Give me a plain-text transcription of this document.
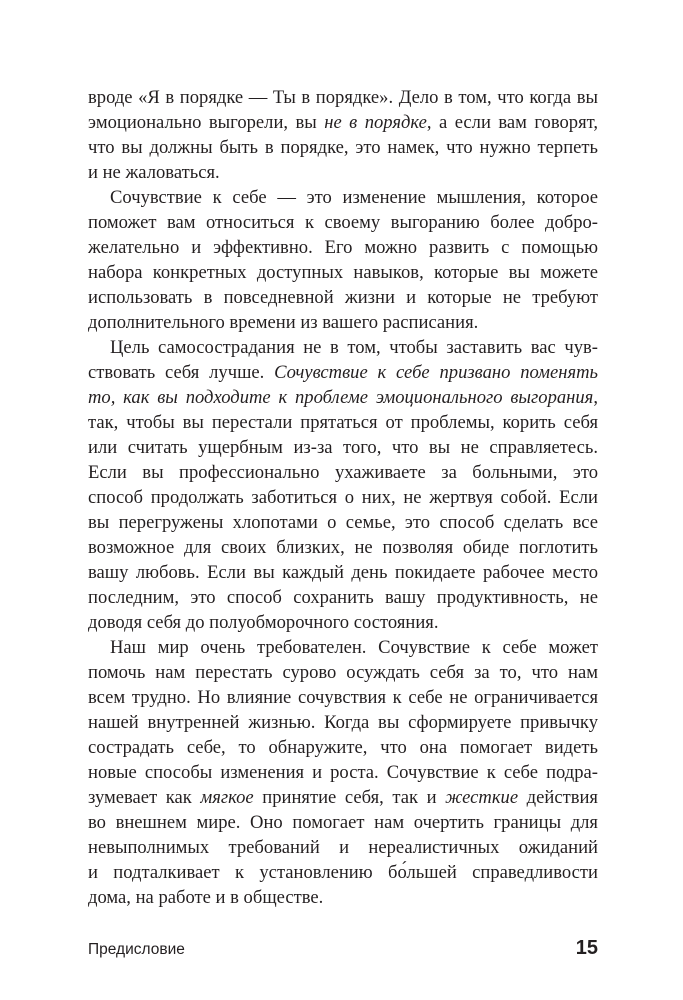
вроде «Я в порядке — Ты в порядке». Дело в том, что когда вы
эмоционально выгорели, вы не в порядке, а если вам говорят,
что вы должны быть в порядке, это намек, что нужно терпеть
и не жаловаться.
Сочувствие к себе — это изменение мышления, которое
поможет вам относиться к своему выгоранию более добро-
желательно и эффективно. Его можно развить с помощью
набора конкретных доступных навыков, которые вы можете
использовать в повседневной жизни и которые не требуют
дополнительного времени из вашего расписания.
Цель самосострадания не в том, чтобы заставить вас чув-
ствовать себя лучше. Сочувствие к себе призвано поменять
то, как вы подходите к проблеме эмоционального выгорания,
так, чтобы вы перестали прятаться от проблемы, корить себя
или считать ущербным из-за того, что вы не справляетесь.
Если вы профессионально ухаживаете за больными, это
способ продолжать заботиться о них, не жертвуя собой. Если
вы перегружены хлопотами о семье, это способ сделать все
возможное для своих близких, не позволяя обиде поглотить
вашу любовь. Если вы каждый день покидаете рабочее место
последним, это способ сохранить вашу продуктивность, не
доводя себя до полуобморочного состояния.
Наш мир очень требователен. Сочувствие к себе может
помочь нам перестать сурово осуждать себя за то, что нам
всем трудно. Но влияние сочувствия к себе не ограничивается
нашей внутренней жизнью. Когда вы сформируете привычку
сострадать себе, то обнаружите, что она помогает видеть
новые способы изменения и роста. Сочувствие к себе подра-
зумевает как мягкое принятие себя, так и жесткие действия
во внешнем мире. Оно помогает нам очертить границы для
невыполнимых требований и нереалистичных ожиданий
и подталкивает к установлению бо́льшей справедливости
дома, на работе и в обществе.
Предисловие	15
